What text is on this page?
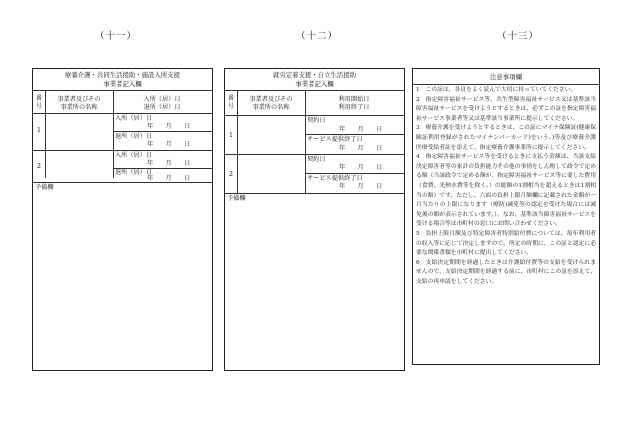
（十一）
療養介護・共同生活援助・施設入所支援
事業者記入欄
番号
事業者及びその
事業所の名称
入所（居）日
退所（居）日
1
入所（居）日
年　　月　　日
退所（居）日
年　　月　　日
2
入所（居）日
年　　月　　日
退所（居）日
年　　月　　日
予備欄
（十二）
就労定着支援・自立生活援助
事業者記入欄
番号
事業者及びその
事業所の名称
利用開始日
利用終了日
1
契約日
年　　月　　日
サービス提供終了日
年　　月　　日
2
契約日
年　　月　　日
サービス提供終了日
年　　月　　日
予備欄
（十三）
注意事項欄

1　この証は、各頁をよく読んで大切に持っていてください。

2　指定障害福祉サービス等、共生型障害福祉サービス又は基準該当障害福祉サービスを受けようとするときは、必ずこの証を指定障害福祉サービス事業者等又は基準該当事業所に提示してください。

3　療養介護を受けようとするときは、この証にマイナ保険証(健康保険証利用登録がされたマイナンバーカード)をいう。)等及び療養介護医療受給者証を添えて、指定療養介護事業所に提示してください。

4　指定障害福祉サービス等を受けるときに支払う金額は、当該支給決定障害者等の家計の負担能力その他の事情をしん酌して政令で定める額（当該政令で定める額が、指定障害福祉サービス等に要した費用（食費、光熱水費等を除く。）の総額の1割相当を超えるときは1割相当の額）です。ただし、六面の負担上限月額欄に記載された金額が一月当たりの上限になります（療防)減免等の認定を受けた場合には減免後の額が表示されています。）。なお、基準該当障害福祉サービスを受ける場合等は市町村の窓口にお問い合わせください。

5　負担上限月額及び特定障害者特別給付費については、毎年利用者の収入等に応じて決定しますので、所定の時期に、この証と認定に必要な関係書類を市町村に提出してください。

6　支給決定期間を経過したときは介護給付費等の支給を受けられませんので、支給決定期間を経過する前に、市町村にこの証を添えて、支給の再申請をしてください。
